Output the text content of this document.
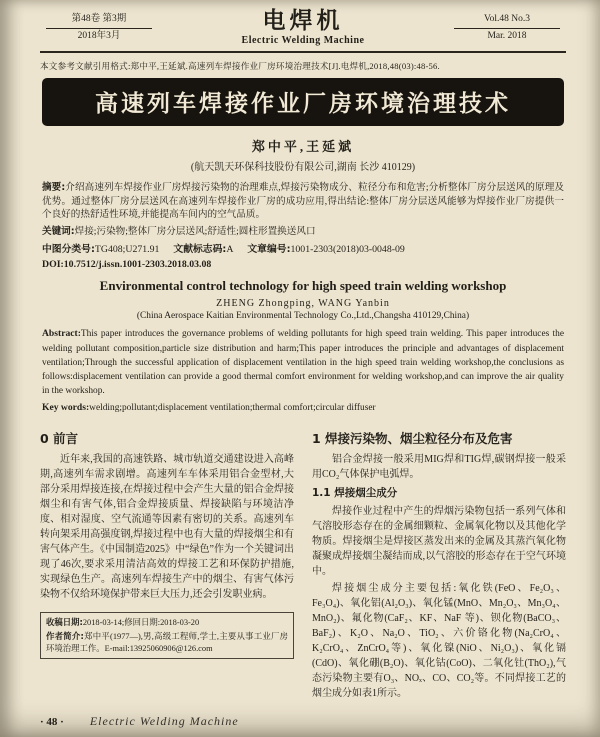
第48卷 第3期
2018年3月
电焊机
Electric Welding Machine
Vol.48 No.3
Mar. 2018
本文参考文献引用格式:郑中平,王延斌.高速列车焊接作业厂房环境治理技术[J].电焊机,2018,48(03):48-56.
高速列车焊接作业厂房环境治理技术
郑中平,王延斌
(航天凯天环保科技股份有限公司,湖南 长沙 410129)
摘要:介绍高速列车焊接作业厂房焊接污染物的治理难点,焊接污染物成分、粒径分布和危害;分析整体厂房分层送风的原理及优势。通过整体厂房分层送风在高速列车焊接作业厂房的成功应用,得出结论:整体厂房分层送风能够为焊接作业厂房提供一个良好的热舒适性环境,并能提高车间内的空气品质。
关键词:焊接;污染物;整体厂房分层送风;舒适性;圆柱形置换送风口
中图分类号:TG408;U271.91 文献标志码:A 文章编号:1001-2303(2018)03-0048-09
DOI:10.7512/j.issn.1001-2303.2018.03.08
Environmental control technology for high speed train welding workshop
ZHENG Zhongping, WANG Yanbin
(China Aerospace Kaitian Environmental Technology Co.,Ltd.,Changsha 410129,China)
Abstract:This paper introduces the governance problems of welding pollutants for high speed train welding. This paper introduces the welding pollutant composition,particle size distribution and harm;This paper introduces the principle and advantages of displacement ventilation;Through the successful application of displacement ventilation in the high speed train welding workshop,the conclusions as follows:displacement ventilation can provide a good thermal comfort environment for welding workshop,and can improve the air quality in the workshop.
Key words:welding;pollutant;displacement ventilation;thermal comfort;circular diffuser
0 前言

近年来,我国的高速铁路、城市轨道交通建设进入高峰期,高速列车需求剧增。高速列车车体采用铝合金型材,大部分采用焊接连接,在焊接过程中会产生大量的铝合金焊接烟尘和有害气体,铝合金焊接质量、焊接缺陷与环境洁净度、相对湿度、空气流通等因素有密切的关系。高速列车转向架采用高强度钢,焊接过程中也有大量的焊接烟尘和有害气体产生。《中国制造2025》中“绿色”作为一个关键词出现了46次,要求采用清洁高效的焊接工艺和环保防护措施,实现绿色生产。高速列车焊接生产中的烟尘、有害气体污染物不仅给环境保护带来巨大压力,还会引发职业病。

收稿日期:2018-03-14;修回日期:2018-03-20
作者简介:郑中平(1977—),男,高级工程师,学士,主要从事工业厂房环境治理工作。E-mail:13925060906@126.com
1 焊接污染物、烟尘粒径分布及危害

铝合金焊接一般采用MIG焊和TIG焊,碳钢焊接一般采用CO₂气体保护电弧焊。

1.1 焊接烟尘成分

焊接作业过程中产生的焊烟污染物包括一系列气体和气溶胶形态存在的金属细颗粒、金属氧化物以及其他化学物质。焊接烟尘是焊接区蒸发出来的金属及其蒸汽氧化物凝聚成焊接烟尘凝结而成,以气溶胶的形态存在于空气环境中。

焊接烟尘成分主要包括:氧化铁(FeO、Fe₂O₃、Fe₃O₄)、氧化铝(Al₂O₃)、氧化锰(MnO、Mn₂O₃、Mn₃O₄、MnO₂)、氟化物(CaF₂、KF、NaF 等)、钡化物(BaCO₃、BaF₂)、K₂O、Na₂O、TiO₂、六价铬化物(Na₂CrO₄、K₂CrO₄、ZnCrO₄等)、氧化镍(NiO、Ni₂O₃)、氧化镉(CdO)、氧化硼(B₂O)、氧化钴(CoO)、二氧化钍(ThO₂),气态污染物主要有O₃、NOₓ、CO、CO₂等。不同焊接工艺的烟尘成分如表1所示。

· 48 · Electric Welding Machine
